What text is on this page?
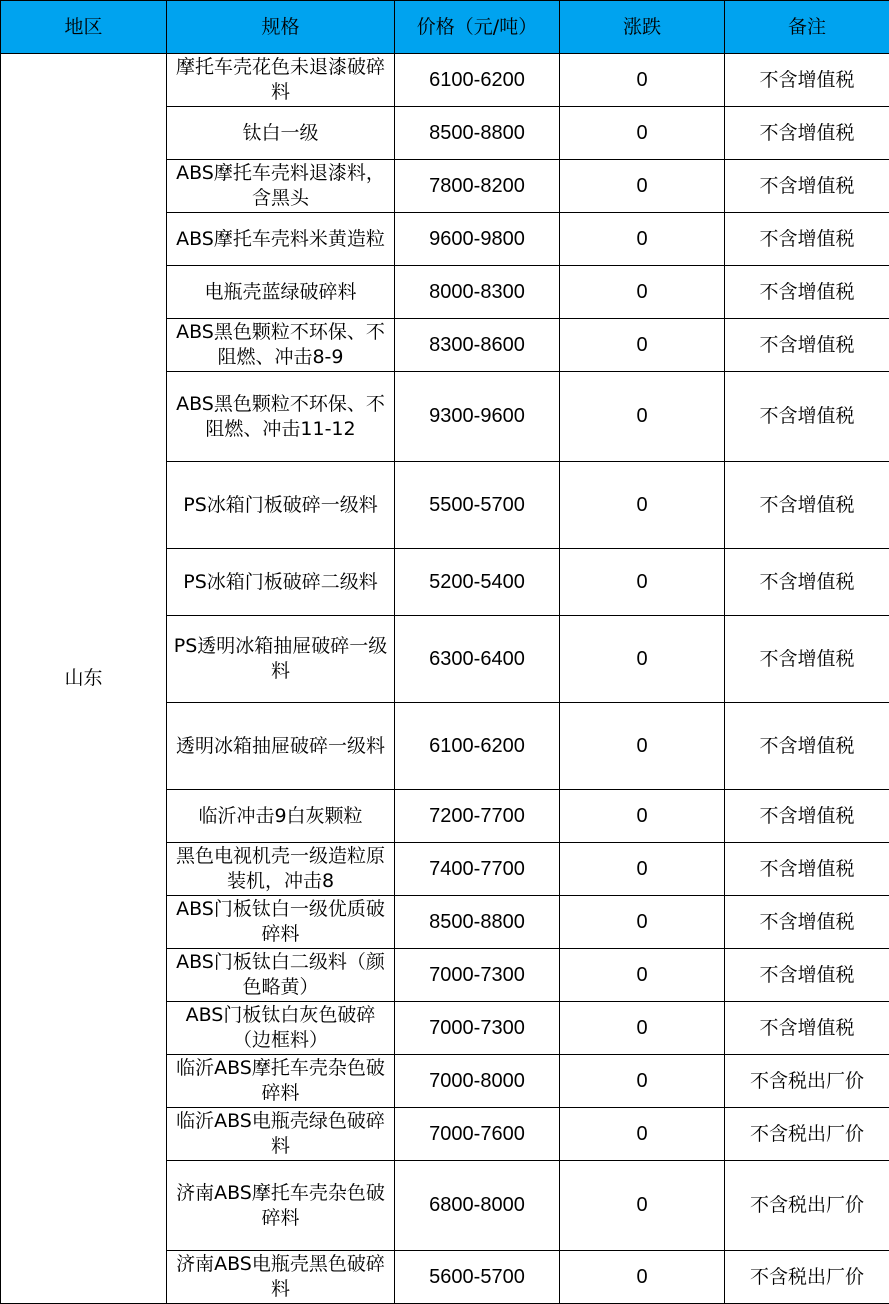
地区	规格	价格（元/吨）	涨跌	备注
山东	摩托车壳花色未退漆破碎料	6100-6200	0	不含增值税
	钛白一级	8500-8800	0	不含增值税
	ABS摩托车壳料退漆料，含黑头	7800-8200	0	不含增值税
	ABS摩托车壳料米黄造粒	9600-9800	0	不含增值税
	电瓶壳蓝绿破碎料	8000-8300	0	不含增值税
	ABS黑色颗粒不环保、不阻燃、冲击8-9	8300-8600	0	不含增值税
	ABS黑色颗粒不环保、不阻燃、冲击11-12	9300-9600	0	不含增值税
	PS冰箱门板破碎一级料	5500-5700	0	不含增值税
	PS冰箱门板破碎二级料	5200-5400	0	不含增值税
	PS透明冰箱抽屉破碎一级料	6300-6400	0	不含增值税
	透明冰箱抽屉破碎一级料	6100-6200	0	不含增值税
	临沂冲击9白灰颗粒	7200-7700	0	不含增值税
	黑色电视机壳一级造粒原装机，冲击8	7400-7700	0	不含增值税
	ABS门板钛白一级优质破碎料	8500-8800	0	不含增值税
	ABS门板钛白二级料（颜色略黄）	7000-7300	0	不含增值税
	ABS门板钛白灰色破碎（边框料）	7000-7300	0	不含增值税
	临沂ABS摩托车壳杂色破碎料	7000-8000	0	不含税出厂价
	临沂ABS电瓶壳绿色破碎料	7000-7600	0	不含税出厂价
	济南ABS摩托车壳杂色破碎料	6800-8000	0	不含税出厂价
	济南ABS电瓶壳黑色破碎料	5600-5700	0	不含税出厂价
